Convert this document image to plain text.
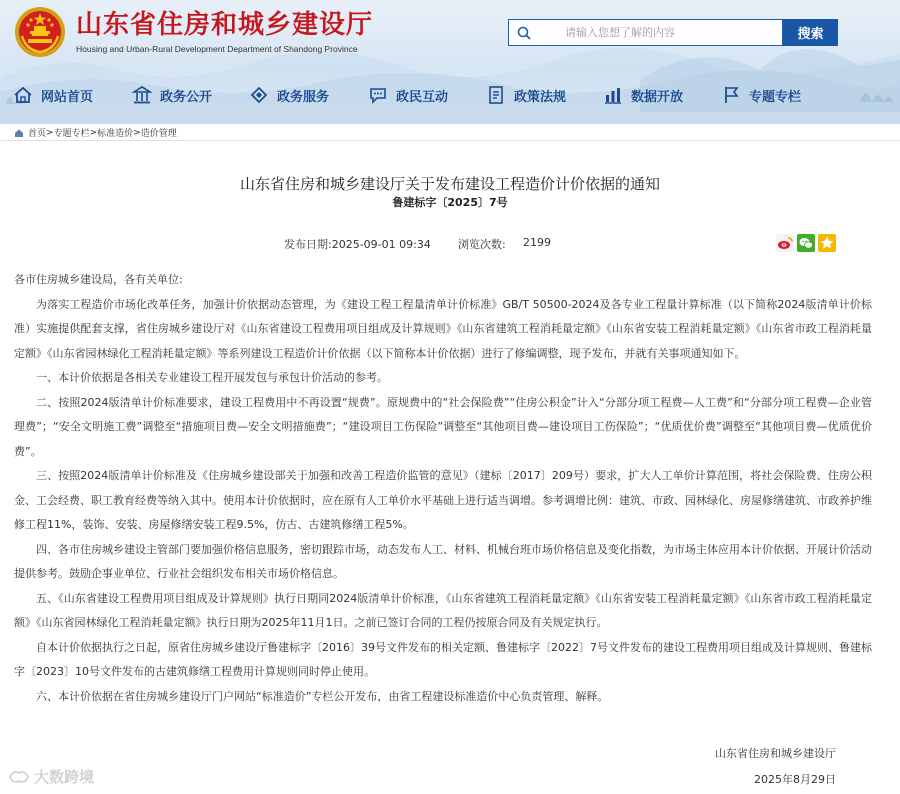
山东省住房和城乡建设厅
Housing and Urban-Rural Development Department of Shandong Province
请输入您想了解的内容
搜索
网站首页	政务公开	政务服务	政民互动	政策法规	数据开放	专题专栏
首页 > 专题专栏 > 标准造价 > 造价管理
山东省住房和城乡建设厅关于发布建设工程造价计价依据的通知
鲁建标字〔2025〕7号
发布日期:2025-09-01 09:34 浏览次数: 2199

各市住房城乡建设局，各有关单位:

为落实工程造价市场化改革任务，加强计价依据动态管理，为《建设工程工程量清单计价标准》GB/T 50500-2024及各专业工程量计算标准（以下简称2024版清单计价标准）实施提供配套支撑，省住房城乡建设厅对《山东省建设工程费用项目组成及计算规则》《山东省建筑工程消耗量定额》《山东省安装工程消耗量定额》《山东省市政工程消耗量定额》《山东省园林绿化工程消耗量定额》等系列建设工程造价计价依据（以下简称本计价依据）进行了修编调整，现予发布，并就有关事项通知如下。

一、本计价依据是各相关专业建设工程开展发包与承包计价活动的参考。

二、按照2024版清单计价标准要求，建设工程费用中不再设置“规费”。原规费中的“社会保险费”“住房公积金”计入“分部分项工程费—人工费”和“分部分项工程费—企业管理费”；“安全文明施工费”调整至“措施项目费—安全文明措施费”；“建设项目工伤保险”调整至“其他项目费—建设项目工伤保险”；“优质优价费”调整至“其他项目费—优质优价费”。

三、按照2024版清单计价标准及《住房城乡建设部关于加强和改善工程造价监管的意见》（建标〔2017〕209号）要求，扩大人工单价计算范围，将社会保险费、住房公积金、工会经费、职工教育经费等纳入其中。使用本计价依据时，应在原有人工单价水平基础上进行适当调增。参考调增比例：建筑、市政、园林绿化、房屋修缮建筑、市政养护维修工程11%，装饰、安装、房屋修缮安装工程9.5%，仿古、古建筑修缮工程5%。

四、各市住房城乡建设主管部门要加强价格信息服务，密切跟踪市场，动态发布人工、材料、机械台班市场价格信息及变化指数，为市场主体应用本计价依据、开展计价活动提供参考。鼓励企事业单位、行业社会组织发布相关市场价格信息。

五、《山东省建设工程费用项目组成及计算规则》执行日期同2024版清单计价标准，《山东省建筑工程消耗量定额》《山东省安装工程消耗量定额》《山东省市政工程消耗量定额》《山东省园林绿化工程消耗量定额》执行日期为2025年11月1日。之前已签订合同的工程仍按原合同及有关规定执行。

自本计价依据执行之日起，原省住房城乡建设厅鲁建标字〔2016〕39号文件发布的相关定额、鲁建标字〔2022〕7号文件发布的建设工程费用项目组成及计算规则、鲁建标字〔2023〕10号文件发布的古建筑修缮工程费用计算规则同时停止使用。

六、本计价依据在省住房城乡建设厅门户网站“标准造价”专栏公开发布，由省工程建设标准造价中心负责管理、解释。

山东省住房和城乡建设厅
2025年8月29日
大数跨境
